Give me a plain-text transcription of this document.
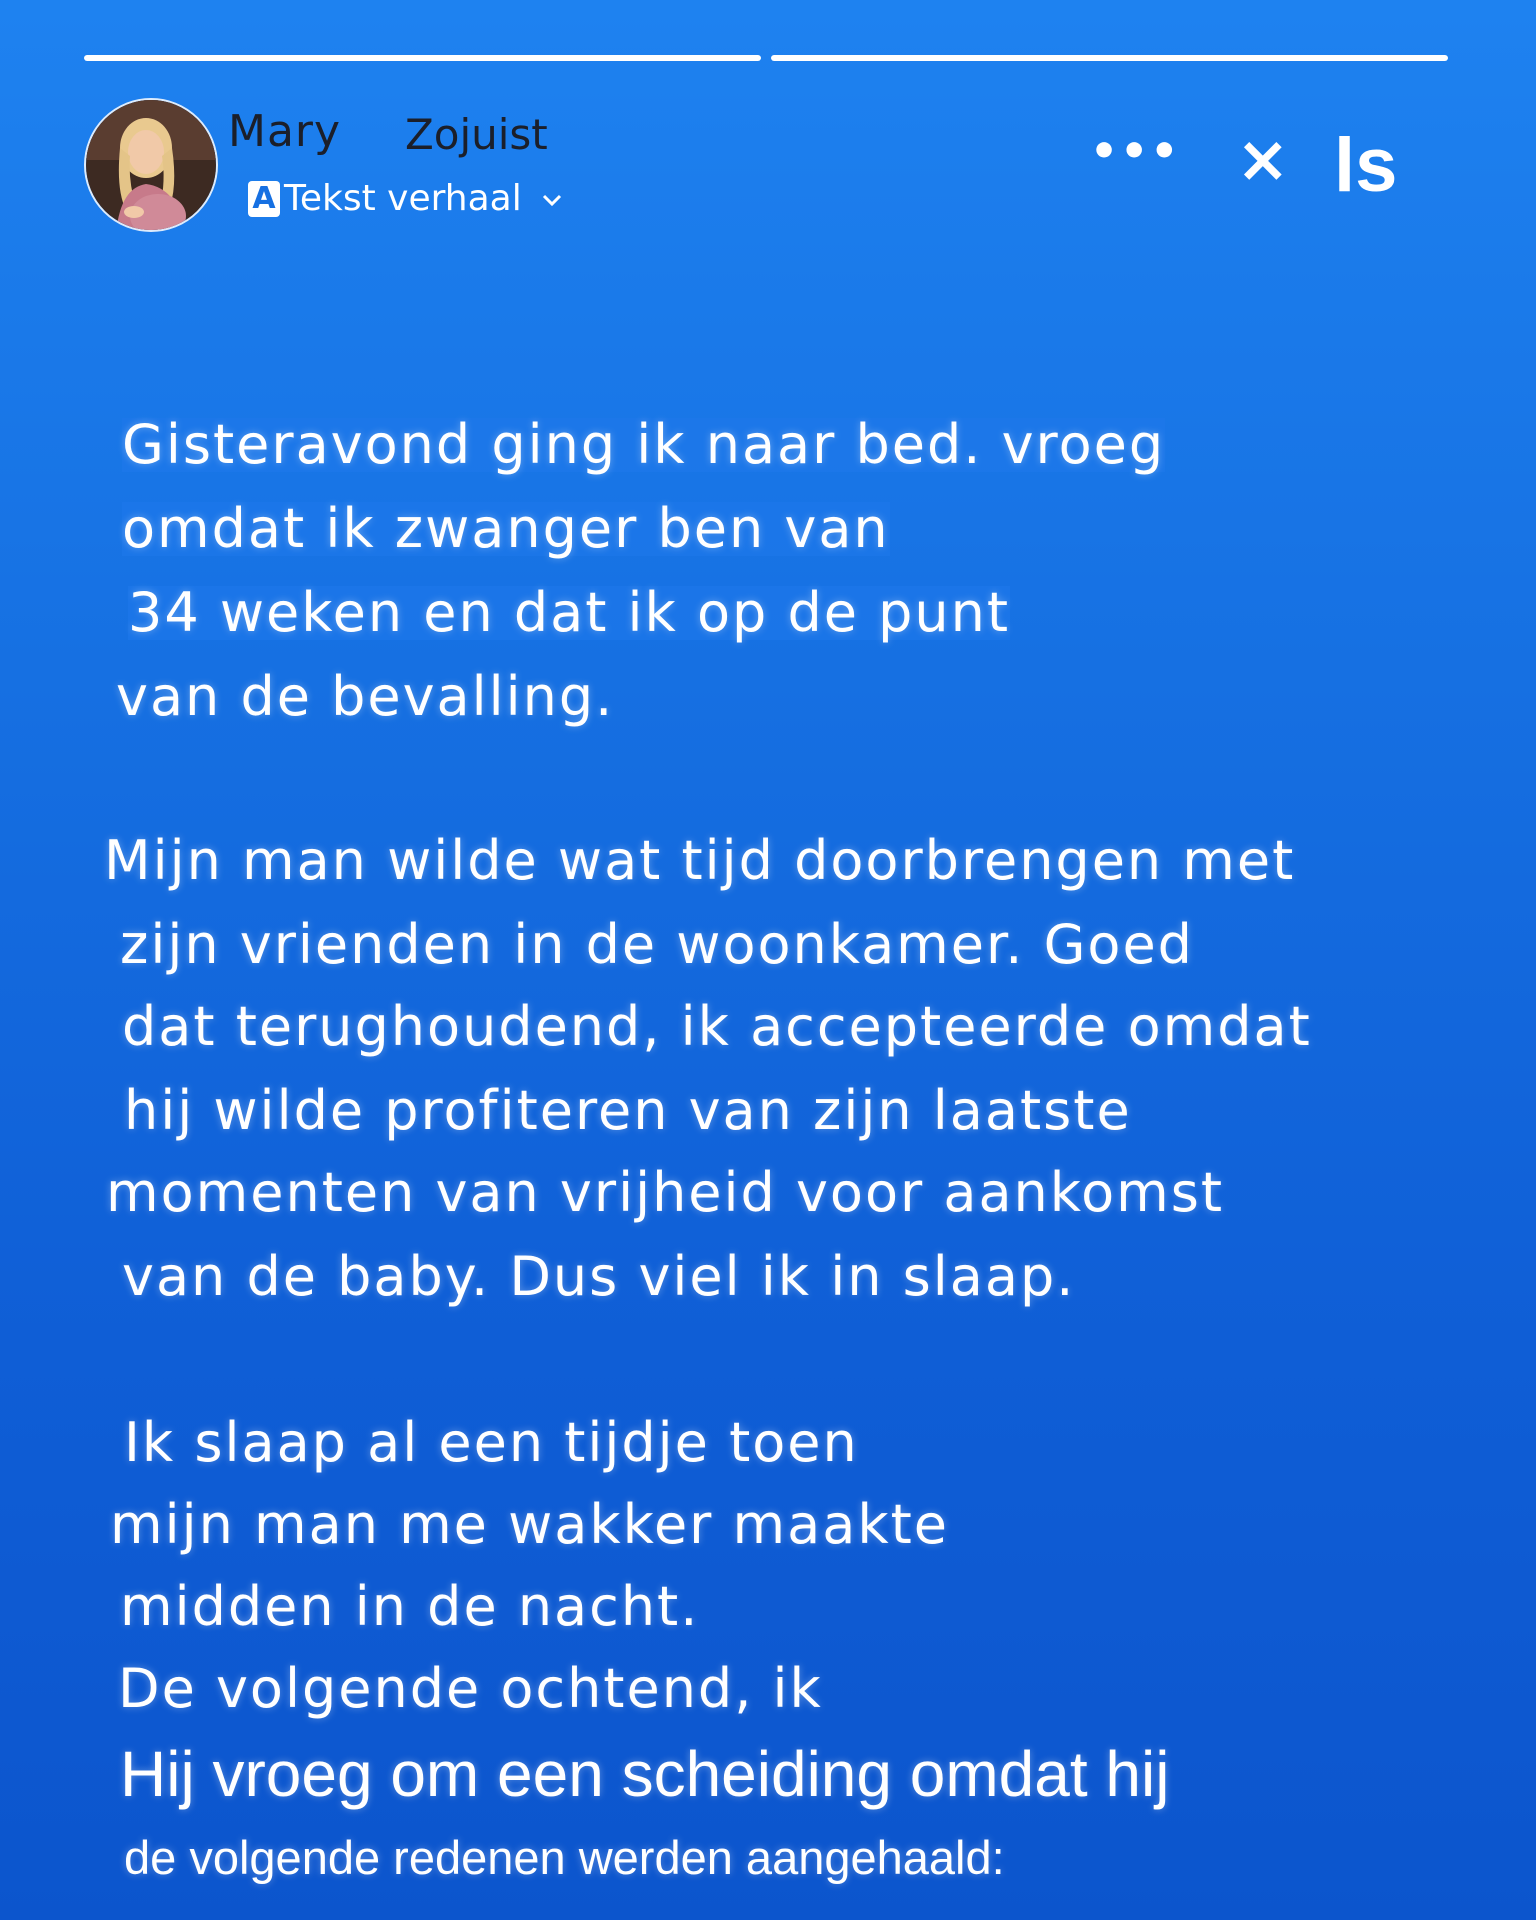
Mary Zojuist
A Tekst verhaal
••• × ls
Gisteravond ging ik naar bed. vroeg
omdat ik zwanger ben van
34 weken en dat ik op de punt
van de bevalling.
Mijn man wilde wat tijd doorbrengen met
zijn vrienden in de woonkamer. Goed
dat terughoudend, ik accepteerde omdat
hij wilde profiteren van zijn laatste
momenten van vrijheid voor aankomst
van de baby. Dus viel ik in slaap.
Ik slaap al een tijdje toen
mijn man me wakker maakte
midden in de nacht.
De volgende ochtend, ik
Hij vroeg om een scheiding omdat hij
de volgende redenen werden aangehaald:
